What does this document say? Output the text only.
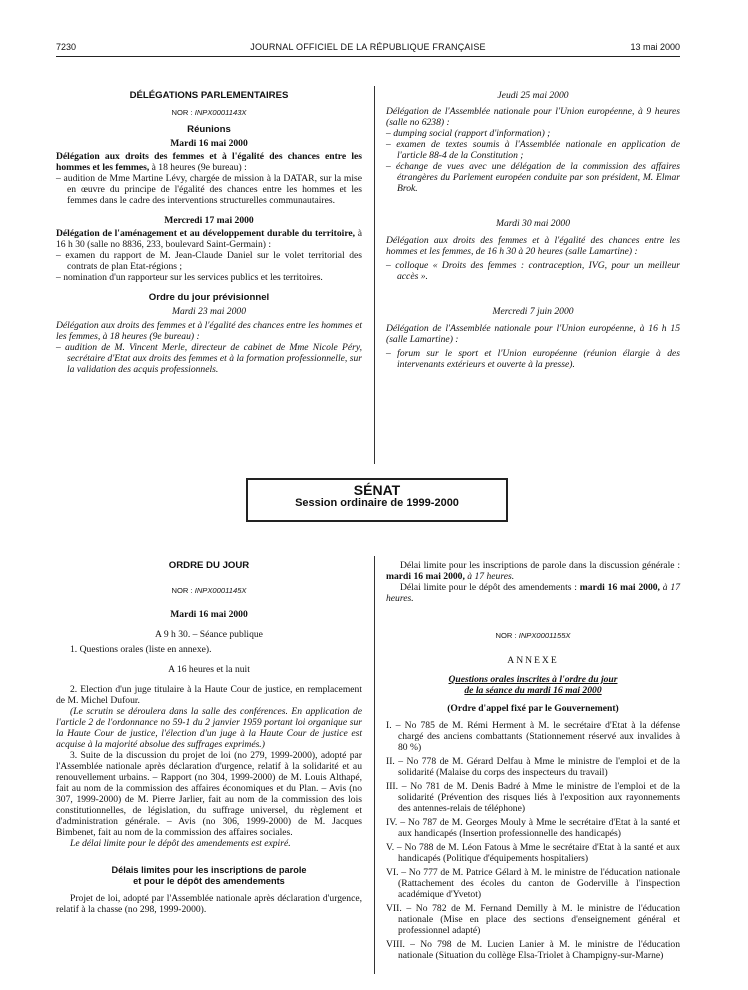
7230	JOURNAL OFFICIEL DE LA RÉPUBLIQUE FRANÇAISE	13 mai 2000

DÉLÉGATIONS PARLEMENTAIRES

NOR : INPX0001143X

Réunions

Mardi 16 mai 2000

Délégation aux droits des femmes et à l'égalité des chances entre les hommes et les femmes, à 18 heures (9e bureau) :

– audition de Mme Martine Lévy, chargée de mission à la DATAR, sur la mise en œuvre du principe de l'égalité des chances entre les hommes et les femmes dans le cadre des interventions structurelles communautaires.

Mercredi 17 mai 2000

Délégation de l'aménagement et au développement durable du territoire, à 16 h 30 (salle no 8836, 233, boulevard Saint-Germain) :

– examen du rapport de M. Jean-Claude Daniel sur le volet territorial des contrats de plan Etat-régions ;
– nomination d'un rapporteur sur les services publics et les territoires.

Ordre du jour prévisionnel

Mardi 23 mai 2000

Délégation aux droits des femmes et à l'égalité des chances entre les hommes et les femmes, à 18 heures (9e bureau) :

– audition de M. Vincent Merle, directeur de cabinet de Mme Nicole Péry, secrétaire d'Etat aux droits des femmes et à la formation professionnelle, sur la validation des acquis professionnels.

Jeudi 25 mai 2000

Délégation de l'Assemblée nationale pour l'Union européenne, à 9 heures (salle no 6238) :

– dumping social (rapport d'information) ;
– examen de textes soumis à l'Assemblée nationale en application de l'article 88-4 de la Constitution ;
– échange de vues avec une délégation de la commission des affaires étrangères du Parlement européen conduite par son président, M. Elmar Brok.

Mardi 30 mai 2000

Délégation aux droits des femmes et à l'égalité des chances entre les hommes et les femmes, de 16 h 30 à 20 heures (salle Lamartine) :

– colloque « Droits des femmes : contraception, IVG, pour un meilleur accès ».

Mercredi 7 juin 2000

Délégation de l'Assemblée nationale pour l'Union européenne, à 16 h 15 (salle Lamartine) :

– forum sur le sport et l'Union européenne (réunion élargie à des intervenants extérieurs et ouverte à la presse).
SÉNAT
Session ordinaire de 1999-2000

ORDRE DU JOUR

NOR : INPX0001145X

Mardi 16 mai 2000

A 9 h 30. – Séance publique

1. Questions orales (liste en annexe).

A 16 heures et la nuit

2. Election d'un juge titulaire à la Haute Cour de justice, en remplacement de M. Michel Dufour.

(Le scrutin se déroulera dans la salle des conférences. En application de l'article 2 de l'ordonnance no 59-1 du 2 janvier 1959 portant loi organique sur la Haute Cour de justice, l'élection d'un juge à la Haute Cour de justice est acquise à la majorité absolue des suffrages exprimés.)

3. Suite de la discussion du projet de loi (no 279, 1999-2000), adopté par l'Assemblée nationale après déclaration d'urgence, relatif à la solidarité et au renouvellement urbains. – Rapport (no 304, 1999-2000) de M. Louis Althapé, fait au nom de la commission des affaires économiques et du Plan. – Avis (no 307, 1999-2000) de M. Pierre Jarlier, fait au nom de la commission des lois constitutionnelles, de législation, du suffrage universel, du règlement et d'administration générale. – Avis (no 306, 1999-2000) de M. Jacques Bimbenet, fait au nom de la commission des affaires sociales.

Le délai limite pour le dépôt des amendements est expiré.

Délais limites pour les inscriptions de parole

et pour le dépôt des amendements

Projet de loi, adopté par l'Assemblée nationale après déclaration d'urgence, relatif à la chasse (no 298, 1999-2000).

Délai limite pour les inscriptions de parole dans la discussion générale : mardi 16 mai 2000, à 17 heures.

Délai limite pour le dépôt des amendements : mardi 16 mai 2000, à 17 heures.

NOR : INPX0001155X

ANNEXE

Questions orales inscrites à l'ordre du jour

de la séance du mardi 16 mai 2000

(Ordre d'appel fixé par le Gouvernement)

I. – No 785 de M. Rémi Herment à M. le secrétaire d'Etat à la défense chargé des anciens combattants (Stationnement réservé aux invalides à 80 %)
II. – No 778 de M. Gérard Delfau à Mme le ministre de l'emploi et de la solidarité (Malaise du corps des inspecteurs du travail)
III. – No 781 de M. Denis Badré à Mme le ministre de l'emploi et de la solidarité (Prévention des risques liés à l'exposition aux rayonnements des antennes-relais de téléphone)
IV. – No 787 de M. Georges Mouly à Mme le secrétaire d'Etat à la santé et aux handicapés (Insertion professionnelle des handicapés)
V. – No 788 de M. Léon Fatous à Mme le secrétaire d'Etat à la santé et aux handicapés (Politique d'équipements hospitaliers)
VI. – No 777 de M. Patrice Gélard à M. le ministre de l'éducation nationale (Rattachement des écoles du canton de Goderville à l'inspection académique d'Yvetot)
VII. – No 782 de M. Fernand Demilly à M. le ministre de l'éducation nationale (Mise en place des sections d'enseignement général et professionnel adapté)
VIII. – No 798 de M. Lucien Lanier à M. le ministre de l'éducation nationale (Situation du collège Elsa-Triolet à Champigny-sur-Marne)
